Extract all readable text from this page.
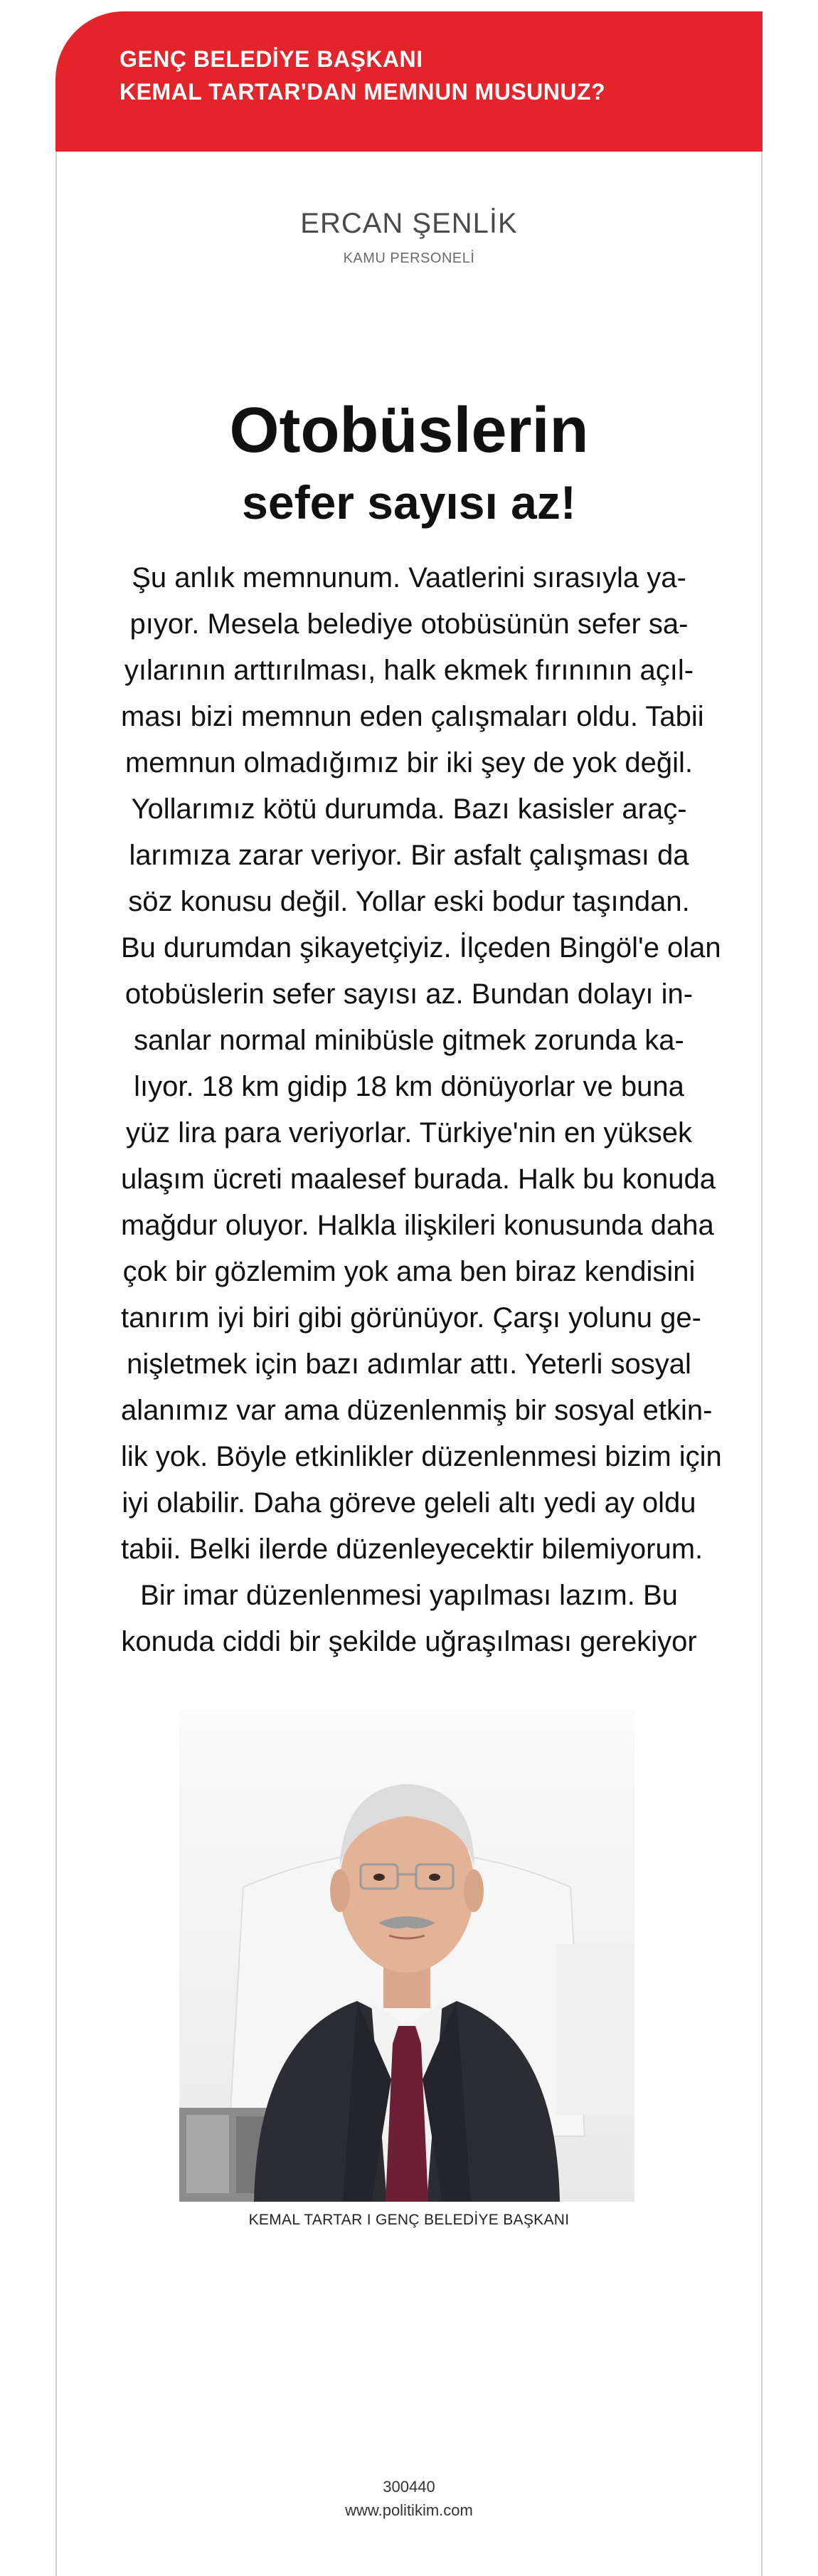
GENÇ BELEDİYE BAŞKANI
KEMAL TARTAR'DAN MEMNUN MUSUNUZ?
ERCAN ŞENLİK
KAMU PERSONELİ
Otobüslerin
sefer sayısı az!
Şu anlık memnunum. Vaatlerini sırasıyla ya-
pıyor. Mesela belediye otobüsünün sefer sa-
yılarının arttırılması, halk ekmek fırınının açıl-
ması bizi memnun eden çalışmaları oldu. Tabii
memnun olmadığımız bir iki şey de yok değil.
Yollarımız kötü durumda. Bazı kasisler araç-
larımıza zarar veriyor. Bir asfalt çalışması da
söz konusu değil. Yollar eski bodur taşından.
Bu durumdan şikayetçiyiz. İlçeden Bingöl'e olan
otobüslerin sefer sayısı az. Bundan dolayı in-
sanlar normal minibüsle gitmek zorunda ka-
lıyor. 18 km gidip 18 km dönüyorlar ve buna
yüz lira para veriyorlar. Türkiye'nin en yüksek
ulaşım ücreti maalesef burada. Halk bu konuda
mağdur oluyor. Halkla ilişkileri konusunda daha
çok bir gözlemim yok ama ben biraz kendisini
tanırım iyi biri gibi görünüyor. Çarşı yolunu ge-
nişletmek için bazı adımlar attı. Yeterli sosyal
alanımız var ama düzenlenmiş bir sosyal etkin-
lik yok. Böyle etkinlikler düzenlenmesi bizim için
iyi olabilir. Daha göreve geleli altı yedi ay oldu
tabii. Belki ilerde düzenleyecektir bilemiyorum.
Bir imar düzenlenmesi yapılması lazım. Bu
konuda ciddi bir şekilde uğraşılması gerekiyor
KEMAL TARTAR I GENÇ BELEDİYE BAŞKANI
300440
www.politikim.com
